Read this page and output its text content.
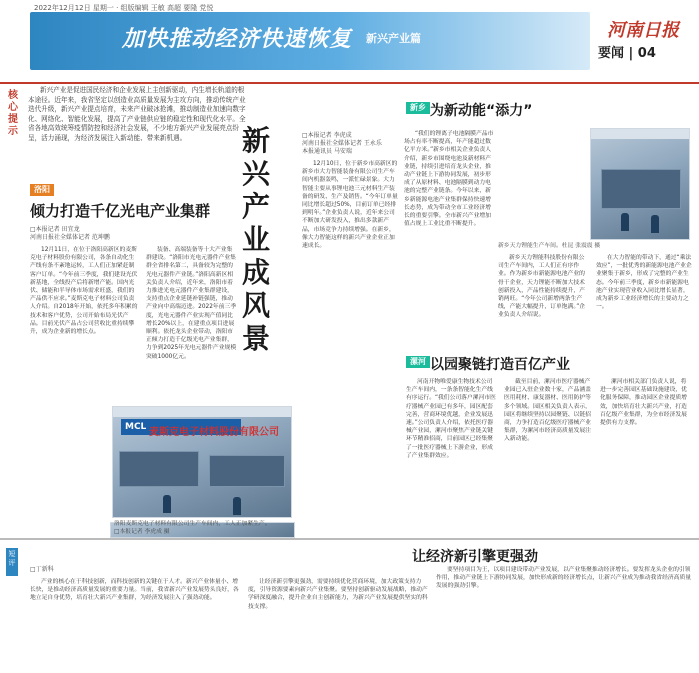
2022年12月12日 星期一 · 组版编辑 王敏 高超 要隆 党悦
加快推动经济快速恢复 新兴产业篇	河南日报
要闻 | 04
核心提示
新兴产业是促进国民经济和企业发展上主创新驱动，内生增长轨道的根本途径。近年来，我省坚定以创造业高质量发展为主攻方向，推动传统产业迭代升级，新兴产业提点培育，未来产业破冰抢滩，推动制造业加速向数字化、网络化、智能化发展，提高了产业链供应链的稳定性和现代化水平。全省各地高效统筹疫情防控和经济社会发展，不少地方新兴产业发展亮点纷呈，活力涌现，为经济发展注入新动能、带来新机遇。
洛阳
倾力打造千亿光电产业集群
□本报记者 田宜龙
河南日报社全媒体记者 范坤鹏
12月11日，在位于洛阳高新区的麦斯克电子材料股份有限公司，各条自动化生产线有条不紊地运转，工人们正加紧赶制客户订单。“今年前三季度，我们建设光伏新基地，全线投产后将新增产能。国内光伏、储能和半导体市场需求旺盛，我们的产品供不应求。”麦斯克电子材料公司负责人介绍。自2018年开始，依托多年积累的技术和客户优势，公司开始布局光伏产品。目前光伏产品占公司营收比重持续攀升，成为企业新的增长点。
装备、高端装备等十大产业集群建设。“洛阳市光电元器件产业集群全省排名第二，具备较为完整的光电元器件产业链。”洛阳高新区相关负责人介绍，近年来，洛阳市着力推进光电元器件产业集群建设，支持重点企业延链补链强链，推动产业向中高端迈进。2022年前三季度，光电元器件产业实现产值同比增长20%以上，在建重点项目进展顺利。依托龙头企业带动，洛阳市正倾力打造千亿级光电产业集群，力争到2025年光电元器件产业规模突破1000亿元。
新兴产业成风景
□本报记者 李虎成
河南日报社全媒体记者 王永乐
本报通讯员 马安瑞
12月10日，位于新乡市高新区的新乡市大力智能装备有限公司生产车间内机器轰鸣，一派忙碌景象。大力智能主要从事锂电池三元材料生产装备的研发、生产及销售。“今年订单量同比增长超过50%，目前订单已经排到明年。”企业负责人说，近年来公司不断加大研发投入，推出多款新产品，市场竞争力持续增强。在新乡，像大力智能这样的新兴产业企业正加速成长。
“我们的锂离子电池隔膜产品市场占有率不断提高，年产能超过数亿平方米。”新乡市相关企业负责人介绍，新乡市围绕电池及新材料产业链，持续引进培育龙头企业，推动产业链上下游协同发展，初步形成了从原材料、电池隔膜到动力电池的完整产业链条。今年以来，新乡新能源电池产业集群保持快速增长态势，成为带动全市工业经济增长的重要引擎。全市新兴产业增加值占规上工业比重不断提升。
新乡 为新动能“添力”
新乡天力锂能生产车间。杜昆 张震震 摄
新乡天力锂能科技股份有限公司生产车间内，工人们正有序作业。作为新乡市新能源电池产业的骨干企业，天力锂能不断加大技术创新投入，产品性能持续提升，产销两旺。“今年公司新增两条生产线，产能大幅提升，订单饱满。”企业负责人介绍说。
在大力智能的带动下，通过“乘法效应”，一批优秀的新能源电池产业企业聚集于新乡，形成了完整的产业生态。今年前三季度，新乡市新能源电池产业实现营业收入同比增长显著，成为新乡工业经济增长的主要动力之一。
漯河 以园聚链打造百亿产业
河南开物唯爱康生物技术公司生产车间内，一条条智能化生产线有序运行。“我们公司落户漯河市医疗器械产业园已有多年，园区配套完善，营商环境优越，企业发展迅速。”公司负责人介绍，依托医疗器械产业园，漯河市聚焦产业链关键环节精准招商，目前园区已经集聚了一批医疗器械上下游企业，形成了产业集群效应。
截至目前，漯河市医疗器械产业园已入驻企业数十家，产品涵盖医用耗材、康复器材、医用防护等多个领域。园区相关负责人表示，园区将继续坚持以园聚链、以链招商，力争打造百亿级医疗器械产业集群，为漯河市经济高质量发展注入新动能。
漯河市相关部门负责人说，将进一步完善园区基础设施建设，优化服务保障，推动园区企业提质增效，加快培育壮大新兴产业，打造百亿级产业集群，为全市经济发展提供有力支撑。
MCL 麦斯克电子材料股份有限公司
洛阳麦斯克电子材料有限公司生产车间内，工人正加紧生产。
□本报记者 李虎成 摄
短评	让经济新引擎更强劲
□丁新科
产业的核心在于科技创新，而科技创新的关键在于人才。新兴产业体量小、增长快，是推动经济高质量发展的重要力量。当前，我省新兴产业发展势头良好，各地立足自身优势，培育壮大新兴产业集群，为经济发展注入了强劲动能。
让经济新引擎更强劲，需要持续优化营商环境，加大政策支持力度，引导资源要素向新兴产业集聚。要坚持创新驱动发展战略，推动产学研深度融合，提升企业自主创新能力，为新兴产业发展提供坚实的科技支撑。
要坚持项目为王，以项目建设带动产业发展，以产业集聚推动经济增长。要发挥龙头企业的引领作用，推动产业链上下游协同发展，加快形成新的经济增长点，让新兴产业成为推动我省经济高质量发展的强劲引擎。
